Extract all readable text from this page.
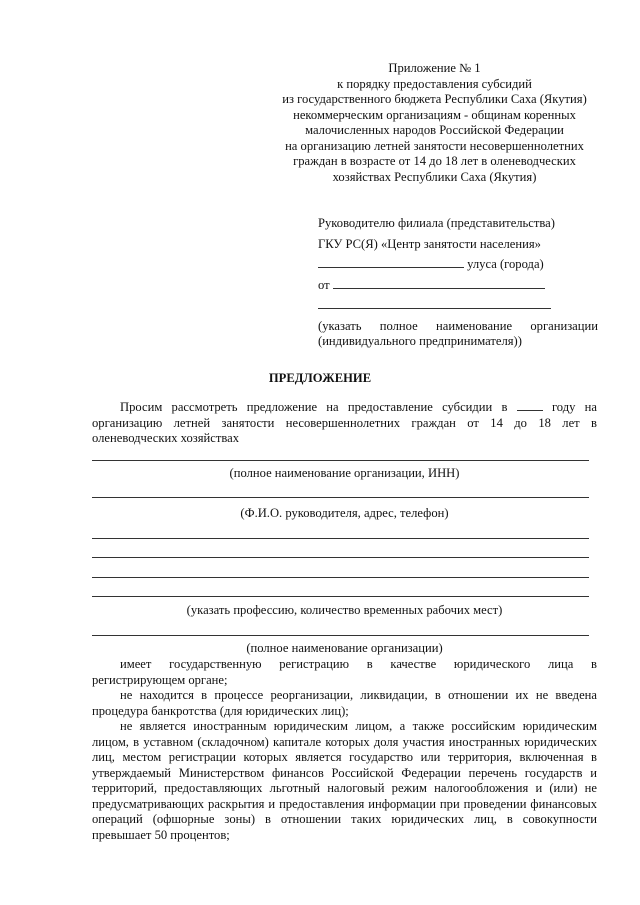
Приложение № 1
к порядку предоставления субсидий
из государственного бюджета Республики Саха (Якутия)
некоммерческим организациям - общинам коренных
малочисленных народов Российской Федерации
на организацию летней занятости несовершеннолетних
граждан в возрасте от 14 до 18 лет в оленеводческих
хозяйствах Республики Саха (Якутия)
Руководителю филиала (представительства)
ГКУ РС(Я) «Центр занятости населения»
улуса (города)
от
(указать полное наименование организации
(индивидуального предпринимателя))
ПРЕДЛОЖЕНИЕ
Просим рассмотреть предложение на предоставление субсидии в	году на организацию летней занятости несовершеннолетних граждан от 14 до 18 лет в оленеводческих хозяйствах
(полное наименование организации, ИНН)
(Ф.И.О. руководителя, адрес, телефон)
(указать профессию, количество временных рабочих мест)
(полное наименование организации)
имеет государственную регистрацию в качестве юридического лица в
регистрирующем органе;
не находится в процессе реорганизации, ликвидации, в отношении их не введена
процедура банкротства (для юридических лиц);
не является иностранным юридическим лицом, а также российским юридическим лицом, в уставном (складочном) капитале которых доля участия иностранных юридических лиц, местом регистрации которых является государство или территория, включенная в утверждаемый Министерством финансов Российской Федерации перечень государств и территорий, предоставляющих льготный налоговый режим налогообложения и (или) не предусматривающих раскрытия и предоставления информации при проведении финансовых операций (офшорные зоны) в отношении таких юридических лиц, в совокупности превышает 50 процентов;
